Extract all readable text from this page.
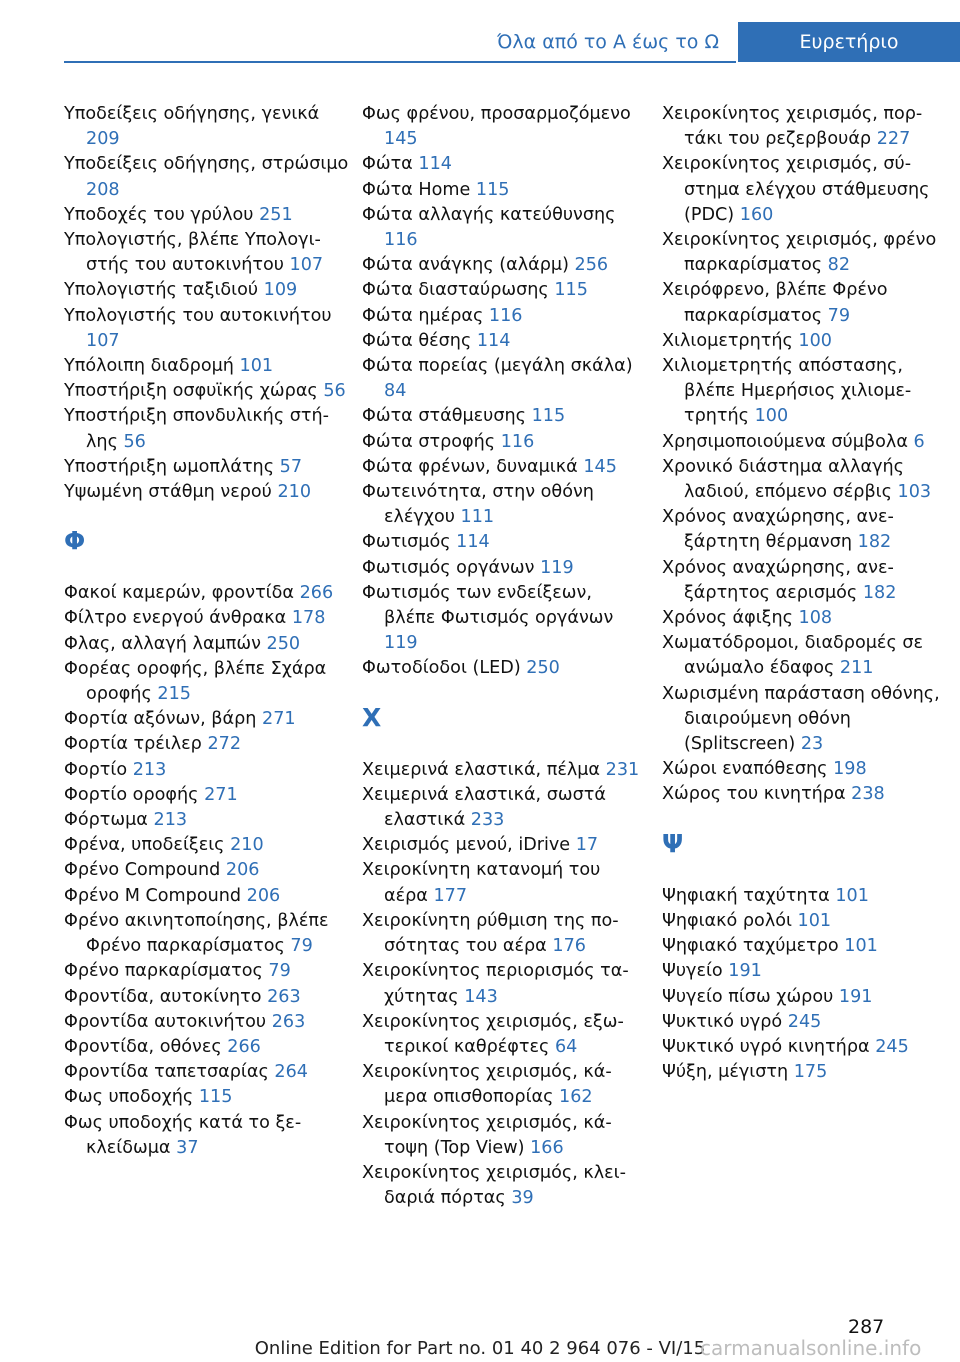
Όλα από το Α έως το Ω	Ευρετήριο
Υποδείξεις οδήγησης, γενικά 209
Υποδείξεις οδήγησης, στρώσιμο 208
Υποδοχές του γρύλου 251
Υπολογιστής, βλέπε Υπολογιστής του αυτοκινήτου 107
Υπολογιστής ταξιδιού 109
Υπολογιστής του αυτοκινήτου 107
Υπόλοιπη διαδρομή 101
Υποστήριξη οσφυϊκής χώρας 56
Υποστήριξη σπονδυλικής στήλης 56
Υποστήριξη ωμοπλάτης 57
Υψωμένη στάθμη νερού 210
Φ
Φακοί καμερών, φροντίδα 266
Φίλτρο ενεργού άνθρακα 178
Φλας, αλλαγή λαμπών 250
Φορέας οροφής, βλέπε Σχάρα οροφής 215
Φορτία αξόνων, βάρη 271
Φορτία τρέιλερ 272
Φορτίο 213
Φορτίο οροφής 271
Φόρτωμα 213
Φρένα, υποδείξεις 210
Φρένο Compound 206
Φρένο M Compound 206
Φρένο ακινητοποίησης, βλέπε Φρένο παρκαρίσματος 79
Φρένο παρκαρίσματος 79
Φροντίδα, αυτοκίνητο 263
Φροντίδα αυτοκινήτου 263
Φροντίδα, οθόνες 266
Φροντίδα ταπετσαρίας 264
Φως υποδοχής 115
Φως υποδοχής κατά το ξεκλείδωμα 37
Φως φρένου, προσαρμοζόμενο 145
Φώτα 114
Φώτα Home 115
Φώτα αλλαγής κατεύθυνσης 116
Φώτα ανάγκης (αλάρμ) 256
Φώτα διασταύρωσης 115
Φώτα ημέρας 116
Φώτα θέσης 114
Φώτα πορείας (μεγάλη σκάλα) 84
Φώτα στάθμευσης 115
Φώτα στροφής 116
Φώτα φρένων, δυναμικά 145
Φωτεινότητα, στην οθόνη ελέγχου 111
Φωτισμός 114
Φωτισμός οργάνων 119
Φωτισμός των ενδείξεων, βλέπε Φωτισμός οργάνων 119
Φωτοδίοδοι (LED) 250
Χ
Χειμερινά ελαστικά, πέλμα 231
Χειμερινά ελαστικά, σωστά ελαστικά 233
Χειρισμός μενού, iDrive 17
Χειροκίνητη κατανομή του αέρα 177
Χειροκίνητη ρύθμιση της ποσότητας του αέρα 176
Χειροκίνητος περιορισμός ταχύτητας 143
Χειροκίνητος χειρισμός, εξωτερικοί καθρέφτες 64
Χειροκίνητος χειρισμός, κάμερα οπισθοπορίας 162
Χειροκίνητος χειρισμός, κάτοψη (Top View) 166
Χειροκίνητος χειρισμός, κλειδαριά πόρτας 39
Χειροκίνητος χειρισμός, πορτάκι του ρεζερβουάρ 227
Χειροκίνητος χειρισμός, σύστημα ελέγχου στάθμευσης (PDC) 160
Χειροκίνητος χειρισμός, φρένο παρκαρίσματος 82
Χειρόφρενο, βλέπε Φρένο παρκαρίσματος 79
Χιλιομετρητής 100
Χιλιομετρητής απόστασης, βλέπε Ημερήσιος χιλιομετρητής 100
Χρησιμοποιούμενα σύμβολα 6
Χρονικό διάστημα αλλαγής λαδιού, επόμενο σέρβις 103
Χρόνος αναχώρησης, ανεξάρτητη θέρμανση 182
Χρόνος αναχώρησης, ανεξάρτητος αερισμός 182
Χρόνος άφιξης 108
Χωματόδρομοι, διαδρομές σε ανώμαλο έδαφος 211
Χωρισμένη παράσταση οθόνης, διαιρούμενη οθόνη (Splitscreen) 23
Χώροι εναπόθεσης 198
Χώρος του κινητήρα 238
Ψ
Ψηφιακή ταχύτητα 101
Ψηφιακό ρολόι 101
Ψηφιακό ταχύμετρο 101
Ψυγείο 191
Ψυγείο πίσω χώρου 191
Ψυκτικό υγρό 245
Ψυκτικό υγρό κινητήρα 245
Ψύξη, μέγιστη 175
287
Online Edition for Part no. 01 40 2 964 076 - VI/15
carmanualsonline.info
